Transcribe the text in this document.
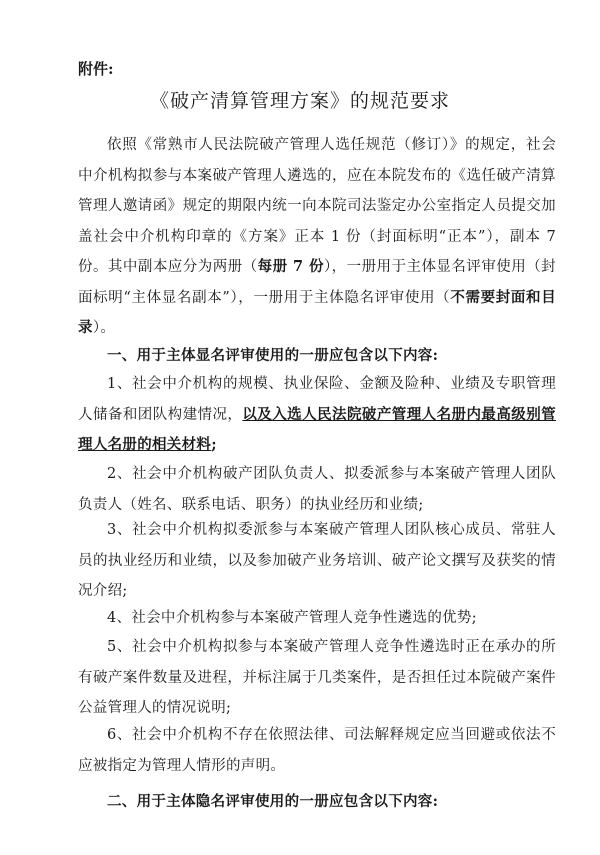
附件:
《破产清算管理方案》的规范要求

依照《常熟市人民法院破产管理人选任规范（修订）》的规定，社会中介机构拟参与本案破产管理人遴选的，应在本院发布的《选任破产清算管理人邀请函》规定的期限内统一向本院司法鉴定办公室指定人员提交加盖社会中介机构印章的《方案》正本 1 份（封面标明“正本”），副本 7 份。其中副本应分为两册（每册 7 份），一册用于主体显名评审使用（封面标明“主体显名副本”），一册用于主体隐名评审使用（不需要封面和目录）。

一、用于主体显名评审使用的一册应包含以下内容:

1、社会中介机构的规模、执业保险、金额及险种、业绩及专职管理人储备和团队构建情况，以及入选人民法院破产管理人名册内最高级别管理人名册的相关材料;

2、社会中介机构破产团队负责人、拟委派参与本案破产管理人团队负责人（姓名、联系电话、职务）的执业经历和业绩;

3、社会中介机构拟委派参与本案破产管理人团队核心成员、常驻人员的执业经历和业绩，以及参加破产业务培训、破产论文撰写及获奖的情况介绍;

4、社会中介机构参与本案破产管理人竞争性遴选的优势;

5、社会中介机构拟参与本案破产管理人竞争性遴选时正在承办的所有破产案件数量及进程，并标注属于几类案件，是否担任过本院破产案件公益管理人的情况说明;

6、社会中介机构不存在依照法律、司法解释规定应当回避或依法不应被指定为管理人情形的声明。

二、用于主体隐名评审使用的一册应包含以下内容:
